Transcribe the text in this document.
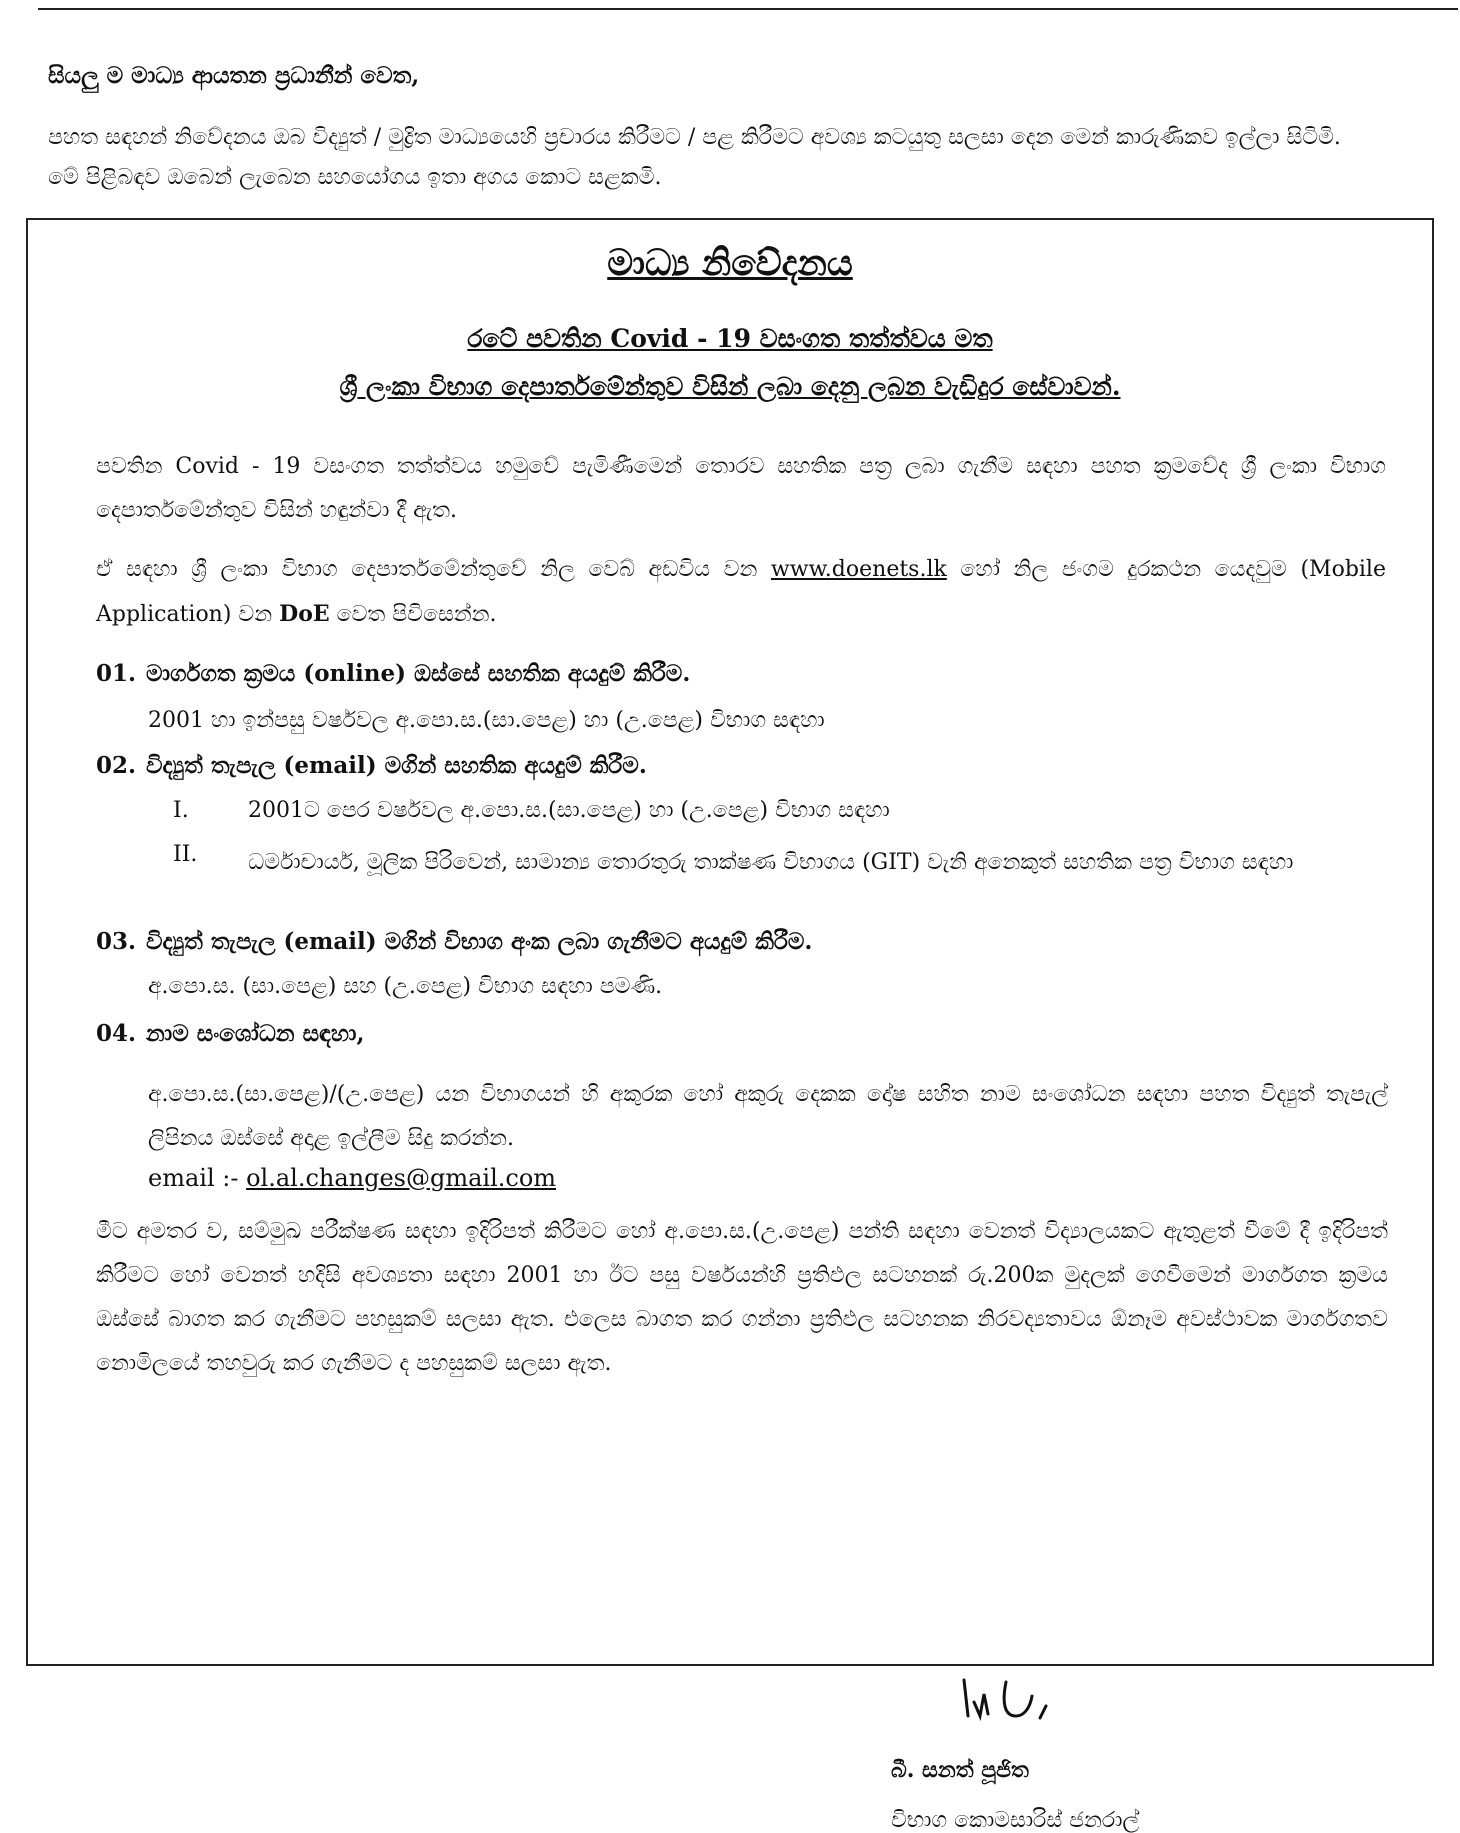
සියලු ම මාධ්‍ය ආයතන ප්‍රධානීන් වෙත,
පහත සඳහන් නිවේදනය ඔබ විද්‍යුත් / මුද්‍රිත මාධ්‍යයෙහි ප්‍රචාරය කිරීමට / පළ කිරීමට අවශ්‍ය කටයුතු සලසා දෙන මෙන් කාරුණිකව ඉල්ලා සිටිමි. මේ පිළිබඳව ඔබෙන් ලැබෙන සහයෝගය ඉතා අගය කොට සළකමි.
මාධ්‍ය නිවේදනය
රටේ පවතින Covid - 19 වසංගත තත්ත්වය මත
ශ්‍රී ලංකා විභාග දෙපාර්තමේන්තුව විසින් ලබා දෙනු ලබන වැඩිදුර සේවාවන්.
පවතින Covid - 19 වසංගත තත්ත්වය හමුවේ පැමිණීමෙන් තොරව සහතික පත්‍ර ලබා ගැනීම සඳහා පහත ක්‍රමවේද ශ්‍රී ලංකා විභාග දෙපාර්තමේන්තුව විසින් හඳුන්වා දී ඇත.
ඒ සඳහා ශ්‍රී ලංකා විභාග දෙපාර්තමේන්තුවේ නිල වෙබ් අඩවිය වන www.doenets.lk හෝ නිල ජංගම දුරකථන යෙදවුම (Mobile Application) වන DoE වෙත පිවිසෙන්න.
01. මාර්ගගත ක්‍රමය (online) ඔස්සේ සහතික අයදුම් කිරීම.
2001 හා ඉන්පසු වර්ෂවල අ.පො.ස.(සා.පෙළ) හා (උ.පෙළ) විභාග සඳහා
02. විද්‍යුත් තැපැල (email) මගින් සහතික අයදුම් කිරීම.
I.	2001ට පෙර වර්ෂවල අ.පො.ස.(සා.පෙළ) හා (උ.පෙළ) විභාග සඳහා
II. ධර්මාචාර්ය, මූලික පිරිවෙන්, සාමාන්‍ය තොරතුරු තාක්ෂණ විභාගය (GIT) වැනි අනෙකුත් සහතික පත්‍ර විභාග සඳහා
03. විද්‍යුත් තැපැල (email) මගින් විභාග අංක ලබා ගැනීමට අයදුම් කිරීම.
අ.පො.ස. (සා.පෙළ) සහ (උ.පෙළ) විභාග සඳහා පමණි.
04. නාම සංශෝධන සඳහා,
අ.පො.ස.(සා.පෙළ)/(උ.පෙළ) යන විභාගයන් හි අකුරක හෝ අකුරු දෙකක දෝෂ සහිත නාම සංශෝධන සඳහා පහත විද්‍යුත් තැපැල් ලිපිනය ඔස්සේ අදාළ ඉල්ලීම සිදු කරන්න.
email :- ol.al.changes@gmail.com
මීට අමතර ව, සම්මුඛ පරීක්ෂණ සඳහා ඉදිරිපත් කිරීමට හෝ අ.පො.ස.(උ.පෙළ) පන්ති සඳහා වෙනත් විද්‍යාලයකට ඇතුළත් වීමේ දී ඉදිරිපත් කිරීමට හෝ වෙනත් හදිසි අවශ්‍යතා සඳහා 2001 හා ඊට පසු වර්ෂයන්හි ප්‍රතිඵල සටහනක් රු.200ක මුදලක් ගෙවීමෙන් මාර්ගගත ක්‍රමය ඔස්සේ බාගත කර ගැනීමට පහසුකම් සලසා ඇත. එලෙස බාගත කර ගන්නා ප්‍රතිඵල සටහනක නිරවද්‍යතාවය ඕනෑම අවස්ථාවක මාර්ගගතව නොමිලයේ තහවුරු කර ගැනීමට ද පහසුකම් සලසා ඇත.
බී. සනත් පූජිත
විභාග කොමසාරිස් ජනරාල්
